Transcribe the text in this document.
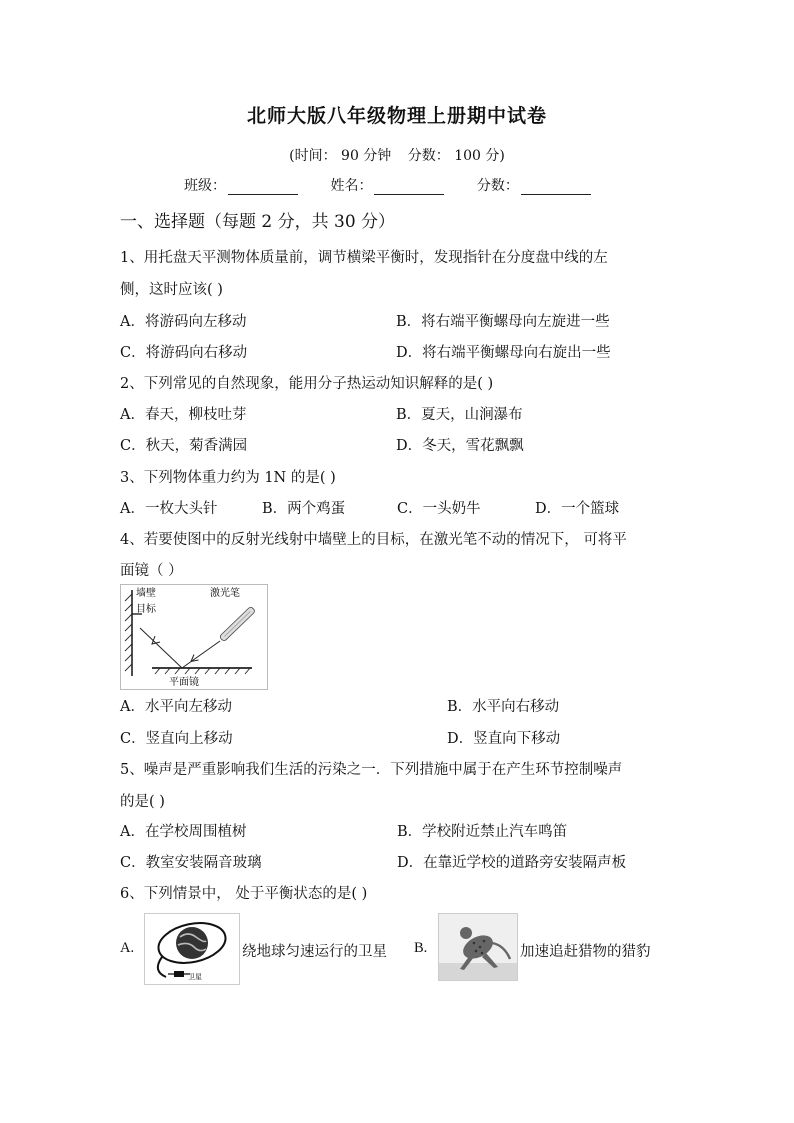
北师大版八年级物理上册期中试卷
(时间： 90 分钟 分数： 100 分)
班级：	姓名：	分数：
一、选择题（每题 2 分，共 30 分）
1、用托盘天平测物体质量前，调节横梁平衡时，发现指针在分度盘中线的左
侧，这时应该( )
A．将游码向左移动	B．将右端平衡螺母向左旋进一些
C．将游码向右移动	D．将右端平衡螺母向右旋出一些
2、下列常见的自然现象，能用分子热运动知识解释的是( )
A．春天，柳枝吐芽	B．夏天，山涧瀑布
C．秋天，菊香满园	D．冬天，雪花飘飘
3、下列物体重力约为 1N 的是( )
A．一枚大头针	B．两个鸡蛋	C．一头奶牛	D．一个篮球
4、若要使图中的反射光线射中墙壁上的目标，在激光笔不动的情况下， 可将平
面镜（ ）
墙壁
目标
激光笔
平面镜
A．水平向左移动	B．水平向右移动
C．竖直向上移动	D．竖直向下移动
5、噪声是严重影响我们生活的污染之一．下列措施中属于在产生环节控制噪声
的是( )
A．在学校周围植树	B．学校附近禁止汽车鸣笛
C．教室安装隔音玻璃	D．在靠近学校的道路旁安装隔声板
6、下列情景中， 处于平衡状态的是( )
A.
卫星
绕地球匀速运行的卫星 B.	加速追赶猎物的猎豹
